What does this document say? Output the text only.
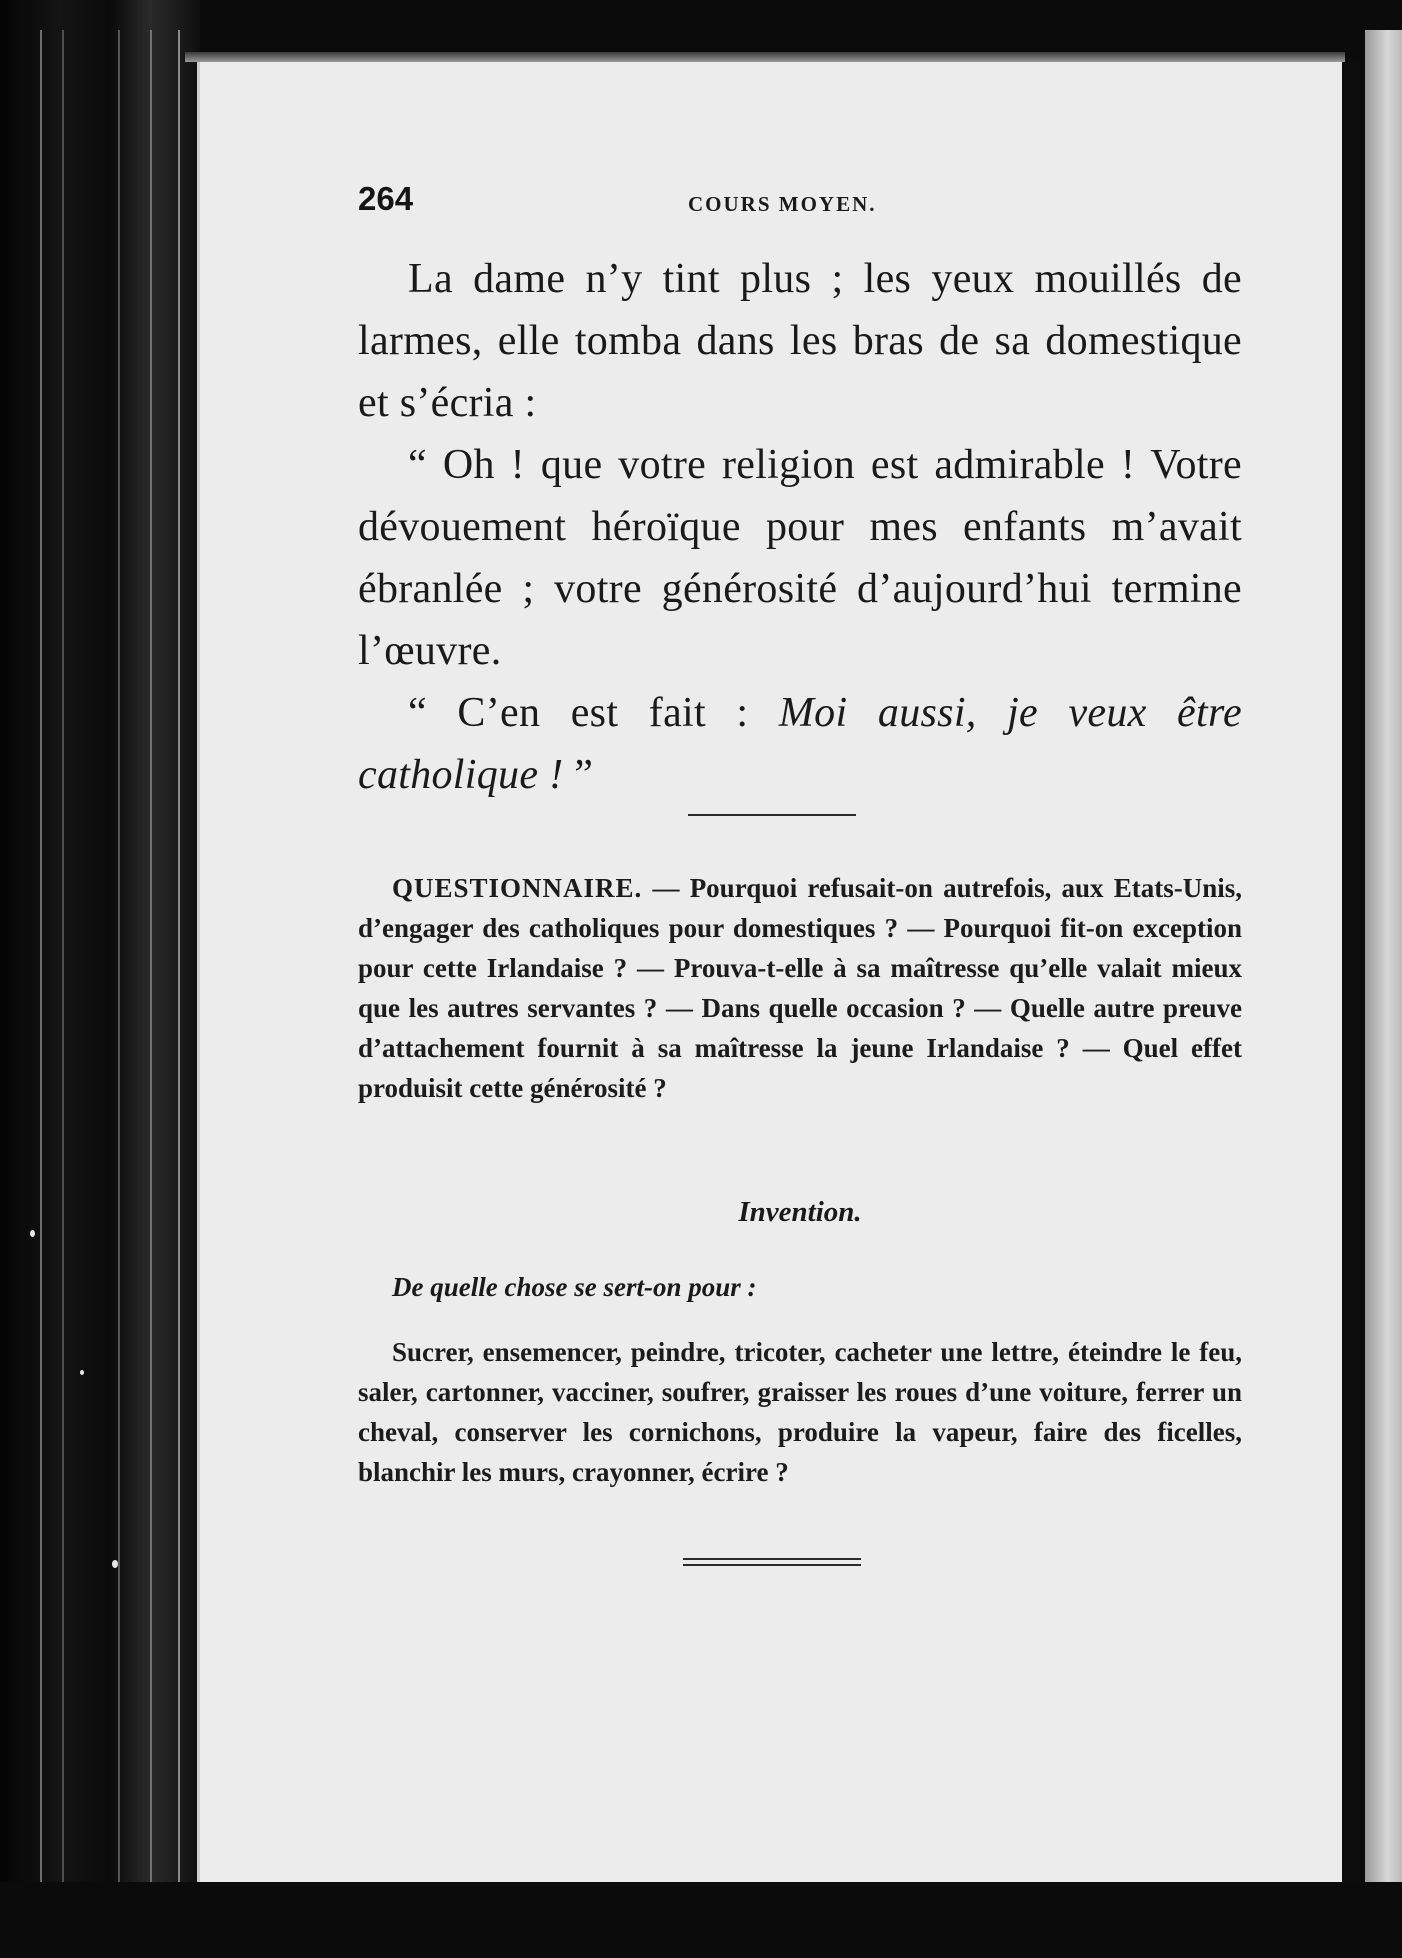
264	COURS MOYEN.

La dame n’y tint plus ; les yeux mouillés de larmes, elle tomba dans les bras de sa domestique et s’écria :

“ Oh ! que votre religion est admirable ! Votre dévouement héroïque pour mes enfants m’avait ébranlée ; votre générosité d’aujourd’hui termine l’œuvre.

“ C’en est fait : Moi aussi, je veux être catholique ! ”

QUESTIONNAIRE. — Pourquoi refusait-on autrefois, aux Etats-Unis, d’engager des catholiques pour domestiques ? — Pourquoi fit-on exception pour cette Irlandaise ? — Prouva-t-elle à sa maîtresse qu’elle valait mieux que les autres servantes ? — Dans quelle occasion ? — Quelle autre preuve d’attachement fournit à sa maîtresse la jeune Irlandaise ? — Quel effet produisit cette générosité ?

Invention.
De quelle chose se sert-on pour :

Sucrer, ensemencer, peindre, tricoter, cacheter une lettre, éteindre le feu, saler, cartonner, vacciner, soufrer, graisser les roues d’une voiture, ferrer un cheval, conserver les cornichons, produire la vapeur, faire des ficelles, blanchir les murs, crayonner, écrire ?
